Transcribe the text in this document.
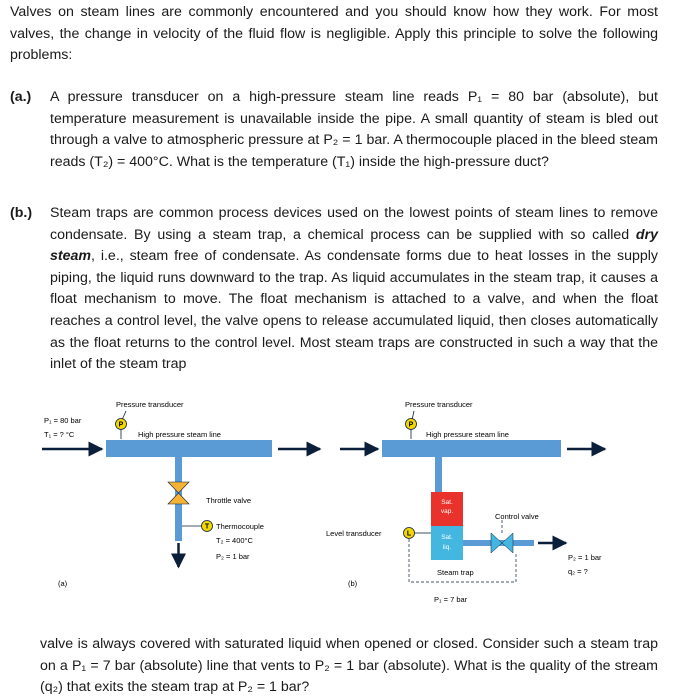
Valves on steam lines are commonly encountered and you should know how they work. For most valves, the change in velocity of the fluid flow is negligible. Apply this principle to solve the following problems:
(a.) A pressure transducer on a high-pressure steam line reads P₁ = 80 bar (absolute), but temperature measurement is unavailable inside the pipe. A small quantity of steam is bled out through a valve to atmospheric pressure at P₂ = 1 bar. A thermocouple placed in the bleed steam reads (T₂) = 400°C. What is the temperature (T₁) inside the high-pressure duct?
(b.) Steam traps are common process devices used on the lowest points of steam lines to remove condensate. By using a steam trap, a chemical process can be supplied with so called dry steam, i.e., steam free of condensate. As condensate forms due to heat losses in the supply piping, the liquid runs downward to the trap. As liquid accumulates in the steam trap, it causes a float mechanism to move. The float mechanism is attached to a valve, and when the float reaches a control level, the valve opens to release accumulated liquid, then closes automatically as the float returns to the control level. Most steam traps are constructed in such a way that the inlet of the steam trap
Pressure transducer
P
P₁ = 80 bar
T₁ = ? °C	High pressure steam line
Throttle valve
T Thermocouple
T₂ = 400°C
P₂ = 1 bar
(a)
Pressure transducer
P
High pressure steam line
Sat.
vap.
Sat.
liq.
Control valve
P₂ = 1 bar
q₂ = ?
Level transducer	L
Steam trap
P₁ = 7 bar
(b)
valve is always covered with saturated liquid when opened or closed. Consider such a steam trap on a P₁ = 7 bar (absolute) line that vents to P₂ = 1 bar (absolute). What is the quality of the stream (q₂) that exits the steam trap at P₂ = 1 bar?
